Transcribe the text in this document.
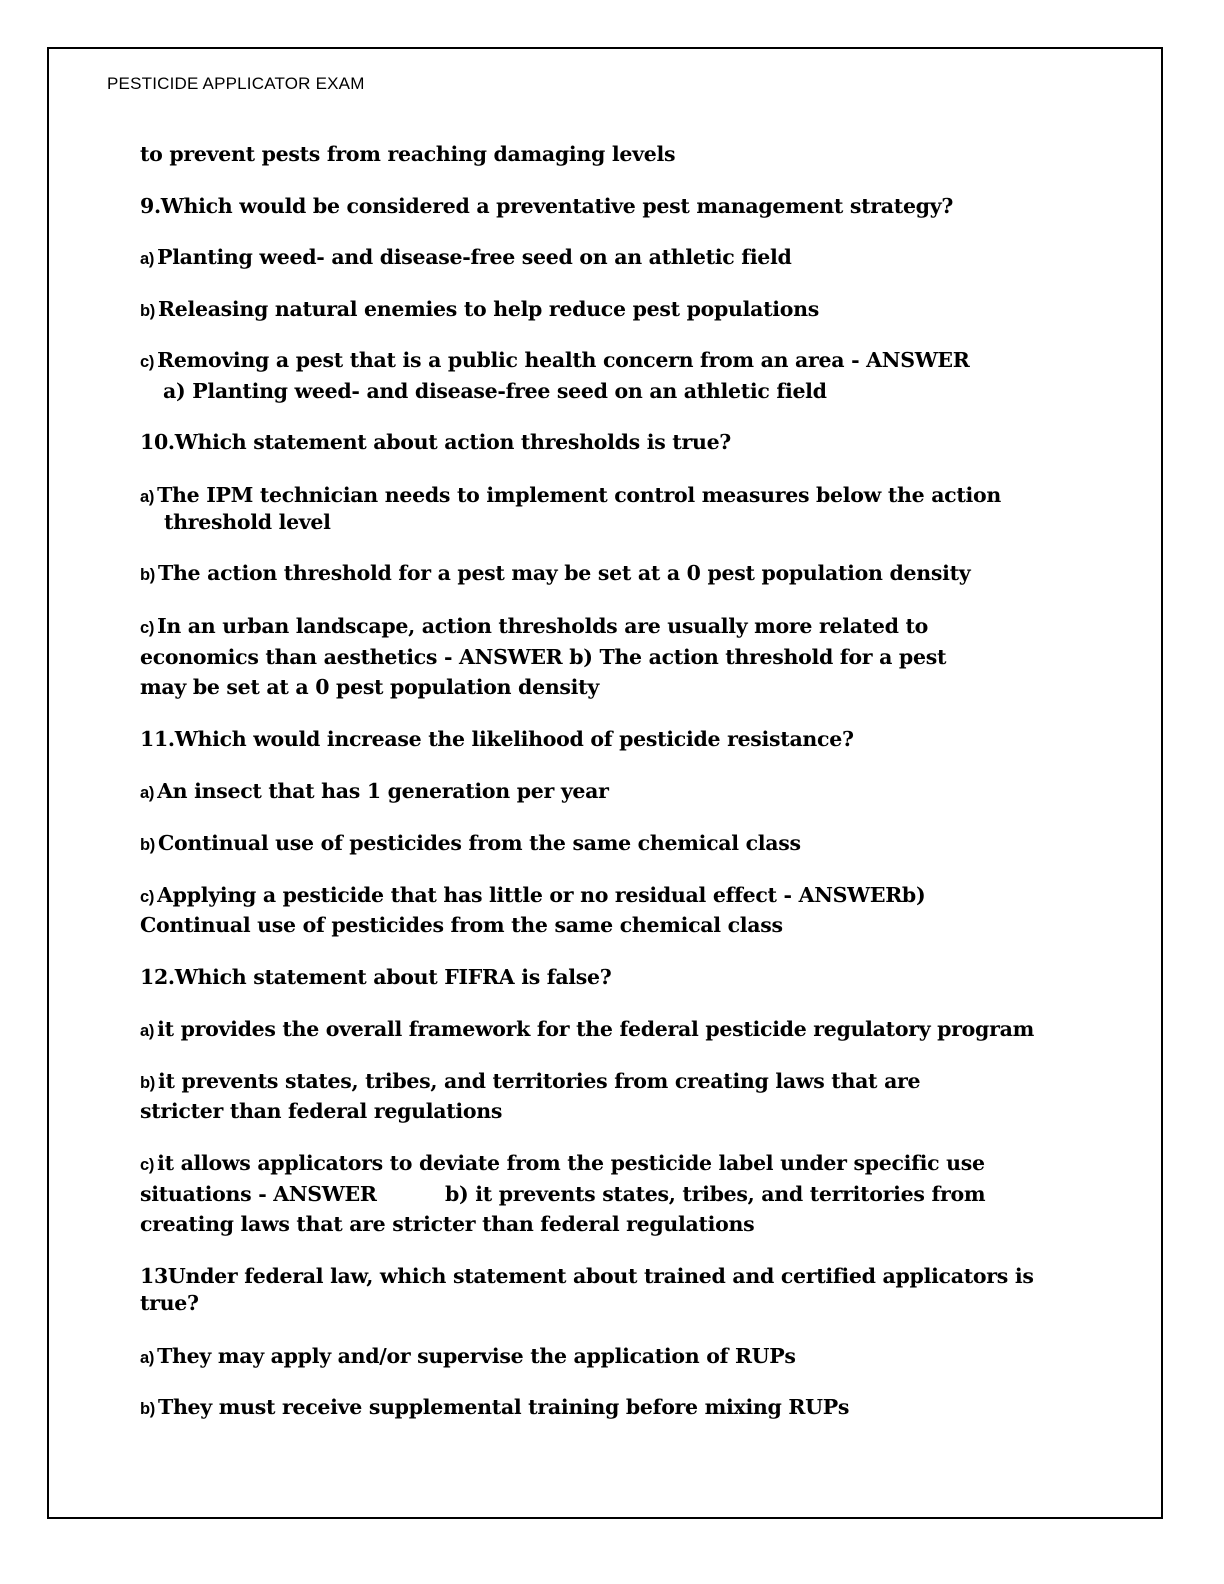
PESTICIDE APPLICATOR EXAM
to prevent pests from reaching damaging levels
9.Which would be considered a preventative pest management strategy?
a) Planting weed- and disease-free seed on an athletic field
b) Releasing natural enemies to help reduce pest populations
c) Removing a pest that is a public health concern from an area - ANSWER
a) Planting weed- and disease-free seed on an athletic field
10.Which statement about action thresholds is true?
a) The IPM technician needs to implement control measures below the action
threshold level
b) The action threshold for a pest may be set at a 0 pest population density
c) In an urban landscape, action thresholds are usually more related to
economics than aesthetics - ANSWER b) The action threshold for a pest
may be set at a 0 pest population density
11.Which would increase the likelihood of pesticide resistance?
a) An insect that has 1 generation per year
b) Continual use of pesticides from the same chemical class
c) Applying a pesticide that has little or no residual effect - ANSWERb)
Continual use of pesticides from the same chemical class
12.Which statement about FIFRA is false?
a) it provides the overall framework for the federal pesticide regulatory program
b) it prevents states, tribes, and territories from creating laws that are
stricter than federal regulations
c) it allows applicators to deviate from the pesticide label under specific use
situations - ANSWER          b) it prevents states, tribes, and territories from
creating laws that are stricter than federal regulations
13Under federal law, which statement about trained and certified applicators is
true?
a) They may apply and/or supervise the application of RUPs
b) They must receive supplemental training before mixing RUPs
